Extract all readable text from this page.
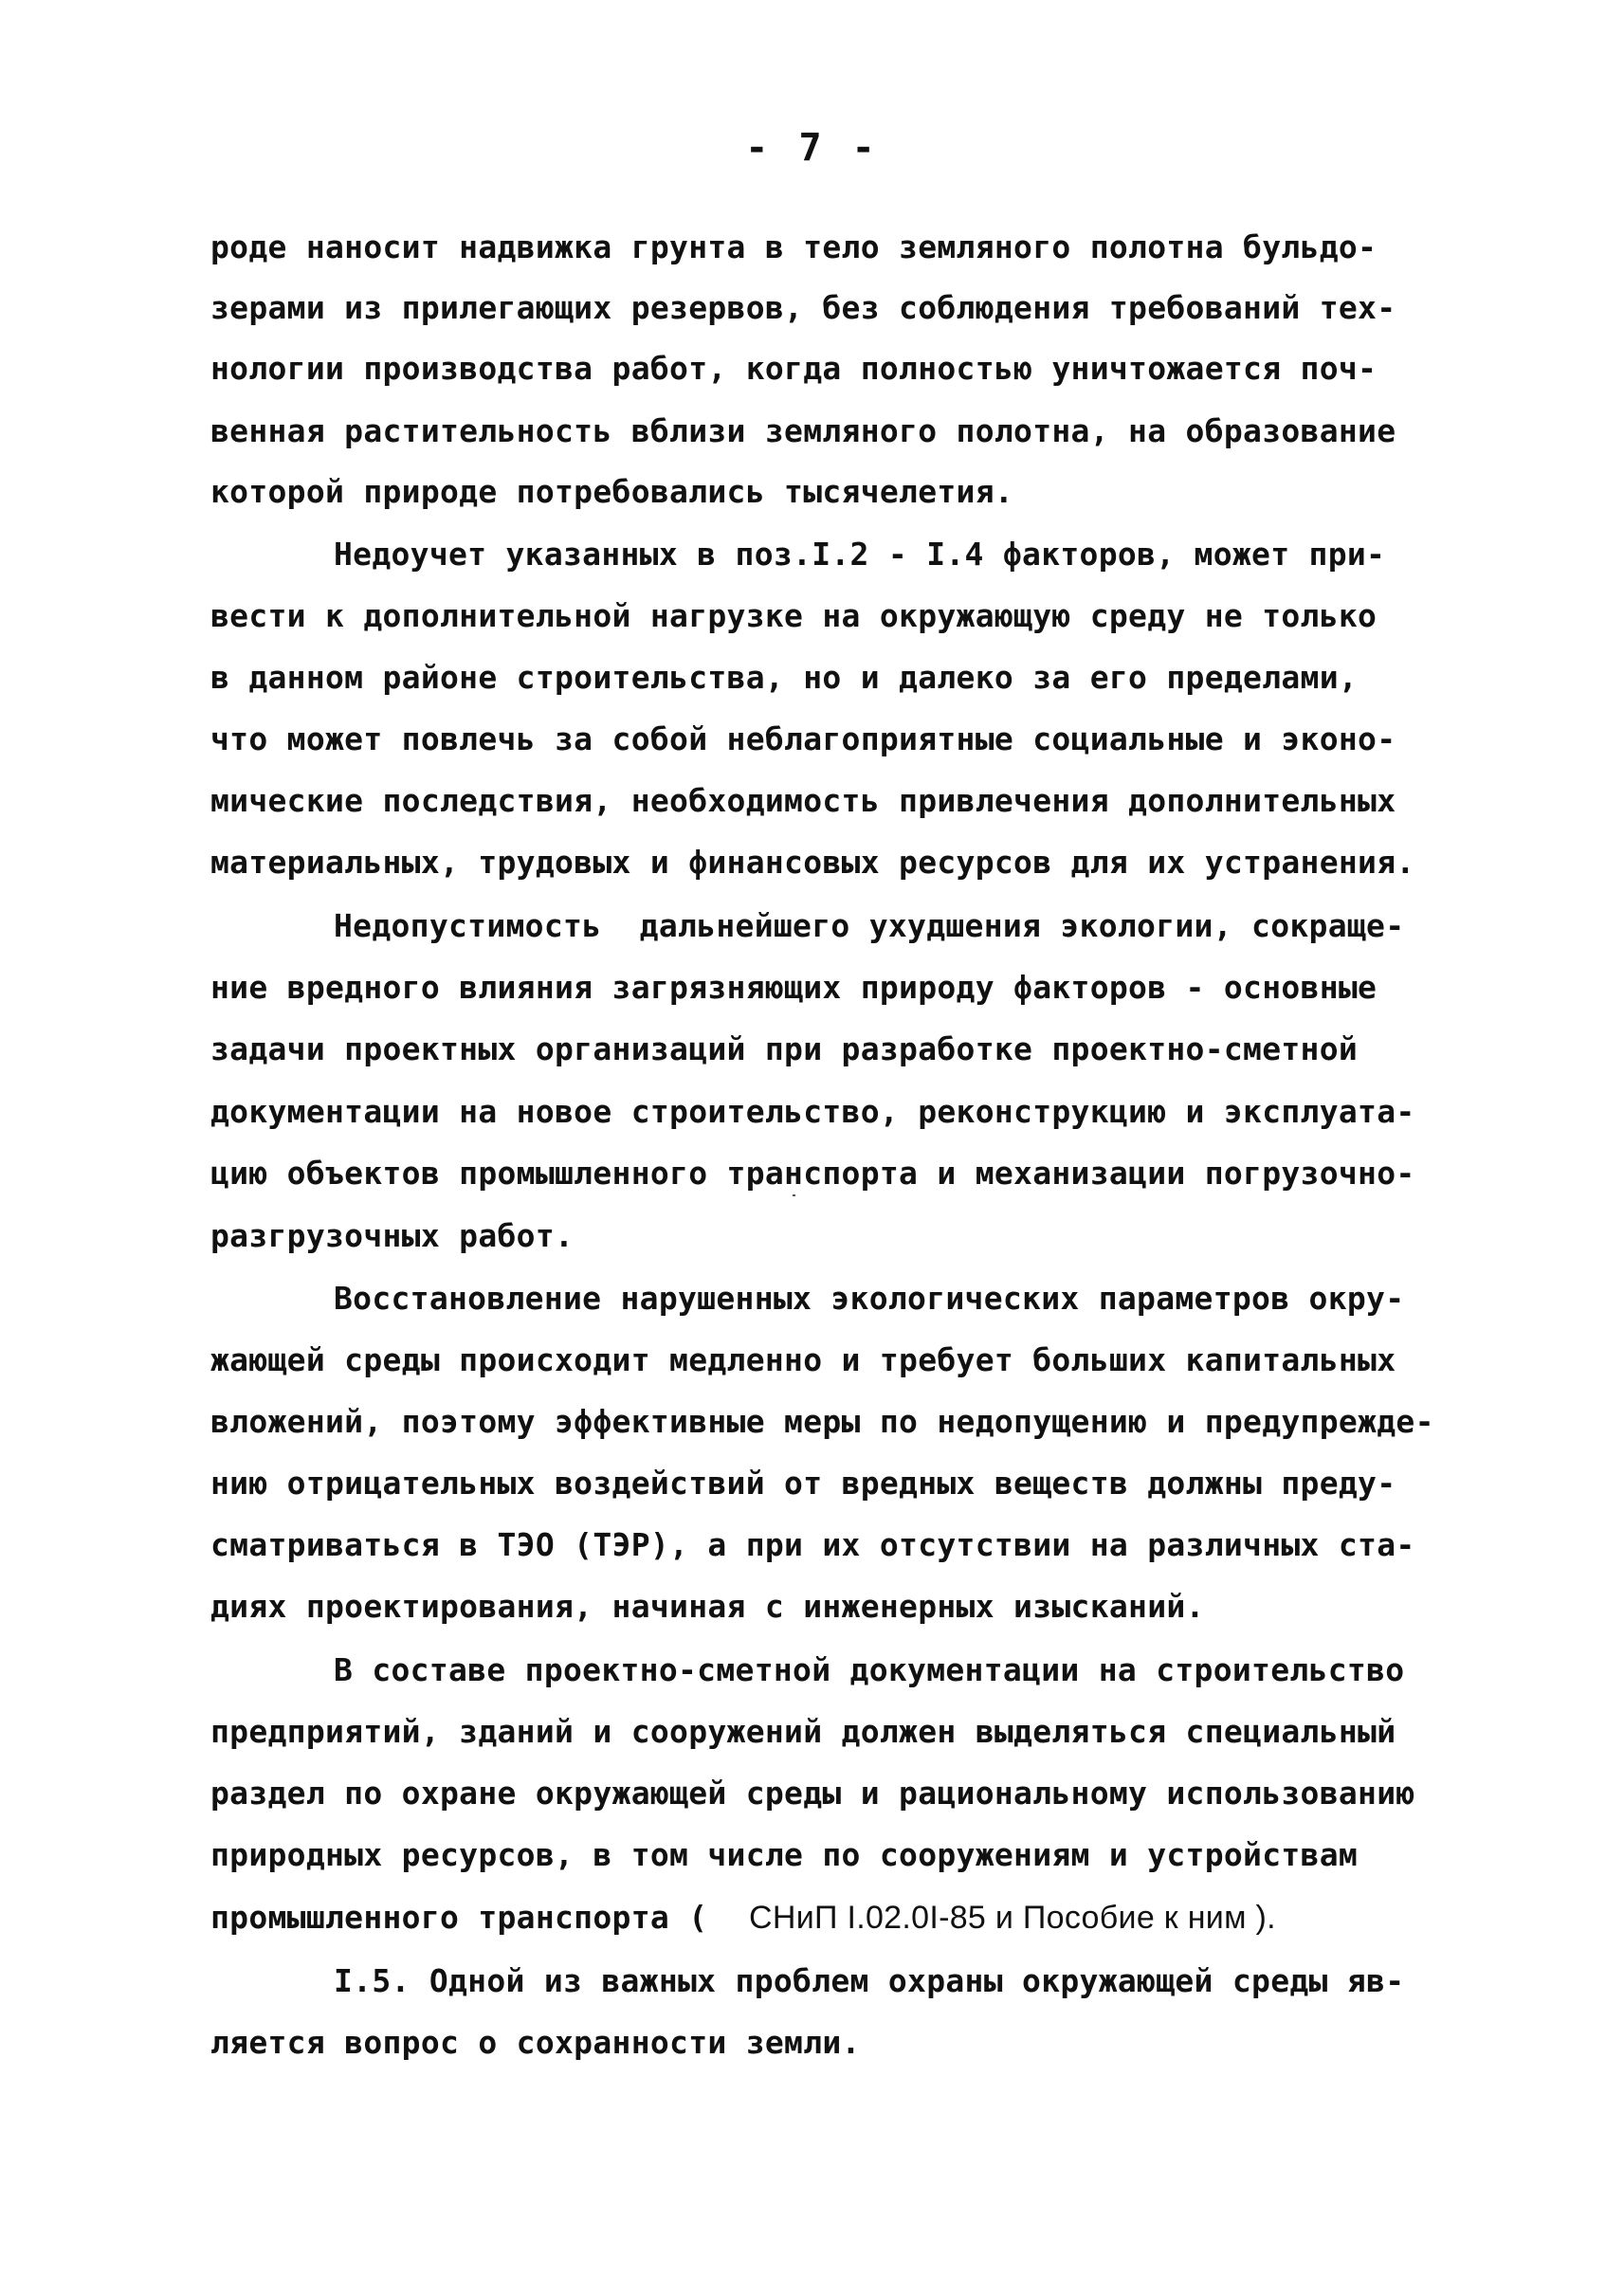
- 7 -
роде наносит надвижка грунта в тело земляного полотна бульдо-
зерами из прилегающих резервов, без соблюдения требований тех-
нологии производства работ, когда полностью уничтожается поч-
венная растительность вблизи земляного полотна, на образование
которой природе потребовались тысячелетия.
Недоучет указанных в поз.I.2 - I.4 факторов, может при-
вести к дополнительной нагрузке на окружающую среду не только
в данном районе строительства, но и далеко за его пределами,
что может повлечь за собой неблагоприятные социальные и эконо-
мические последствия, необходимость привлечения дополнительных
материальных, трудовых и финансовых ресурсов для их устранения.
Недопустимость  дальнейшего ухудшения экологии, сокраще-
ние вредного влияния загрязняющих природу факторов - основные
задачи проектных организаций при разработке проектно-сметной
документации на новое строительство, реконструкцию и эксплуата-
цию объектов промышленного транспорта и механизации погрузочно-
разгрузочных работ.
Восстановление нарушенных экологических параметров окру-
жающей среды происходит медленно и требует больших капитальных
вложений, поэтому эффективные меры по недопущению и предупрежде-
нию отрицательных воздействий от вредных веществ должны преду-
сматриваться в ТЭО (ТЭР), а при их отсутствии на различных ста-
диях проектирования, начиная с инженерных изысканий.
В составе проектно-сметной документации на строительство
предприятий, зданий и сооружений должен выделяться специальный
раздел по охране окружающей среды и рациональному использованию
природных ресурсов, в том числе по сооружениям и устройствам
промышленного транспорта ( СНиП I.02.0I-85 и Пособие к ним ).
I.5. Одной из важных проблем охраны окружающей среды яв-
ляется вопрос о сохранности земли.
